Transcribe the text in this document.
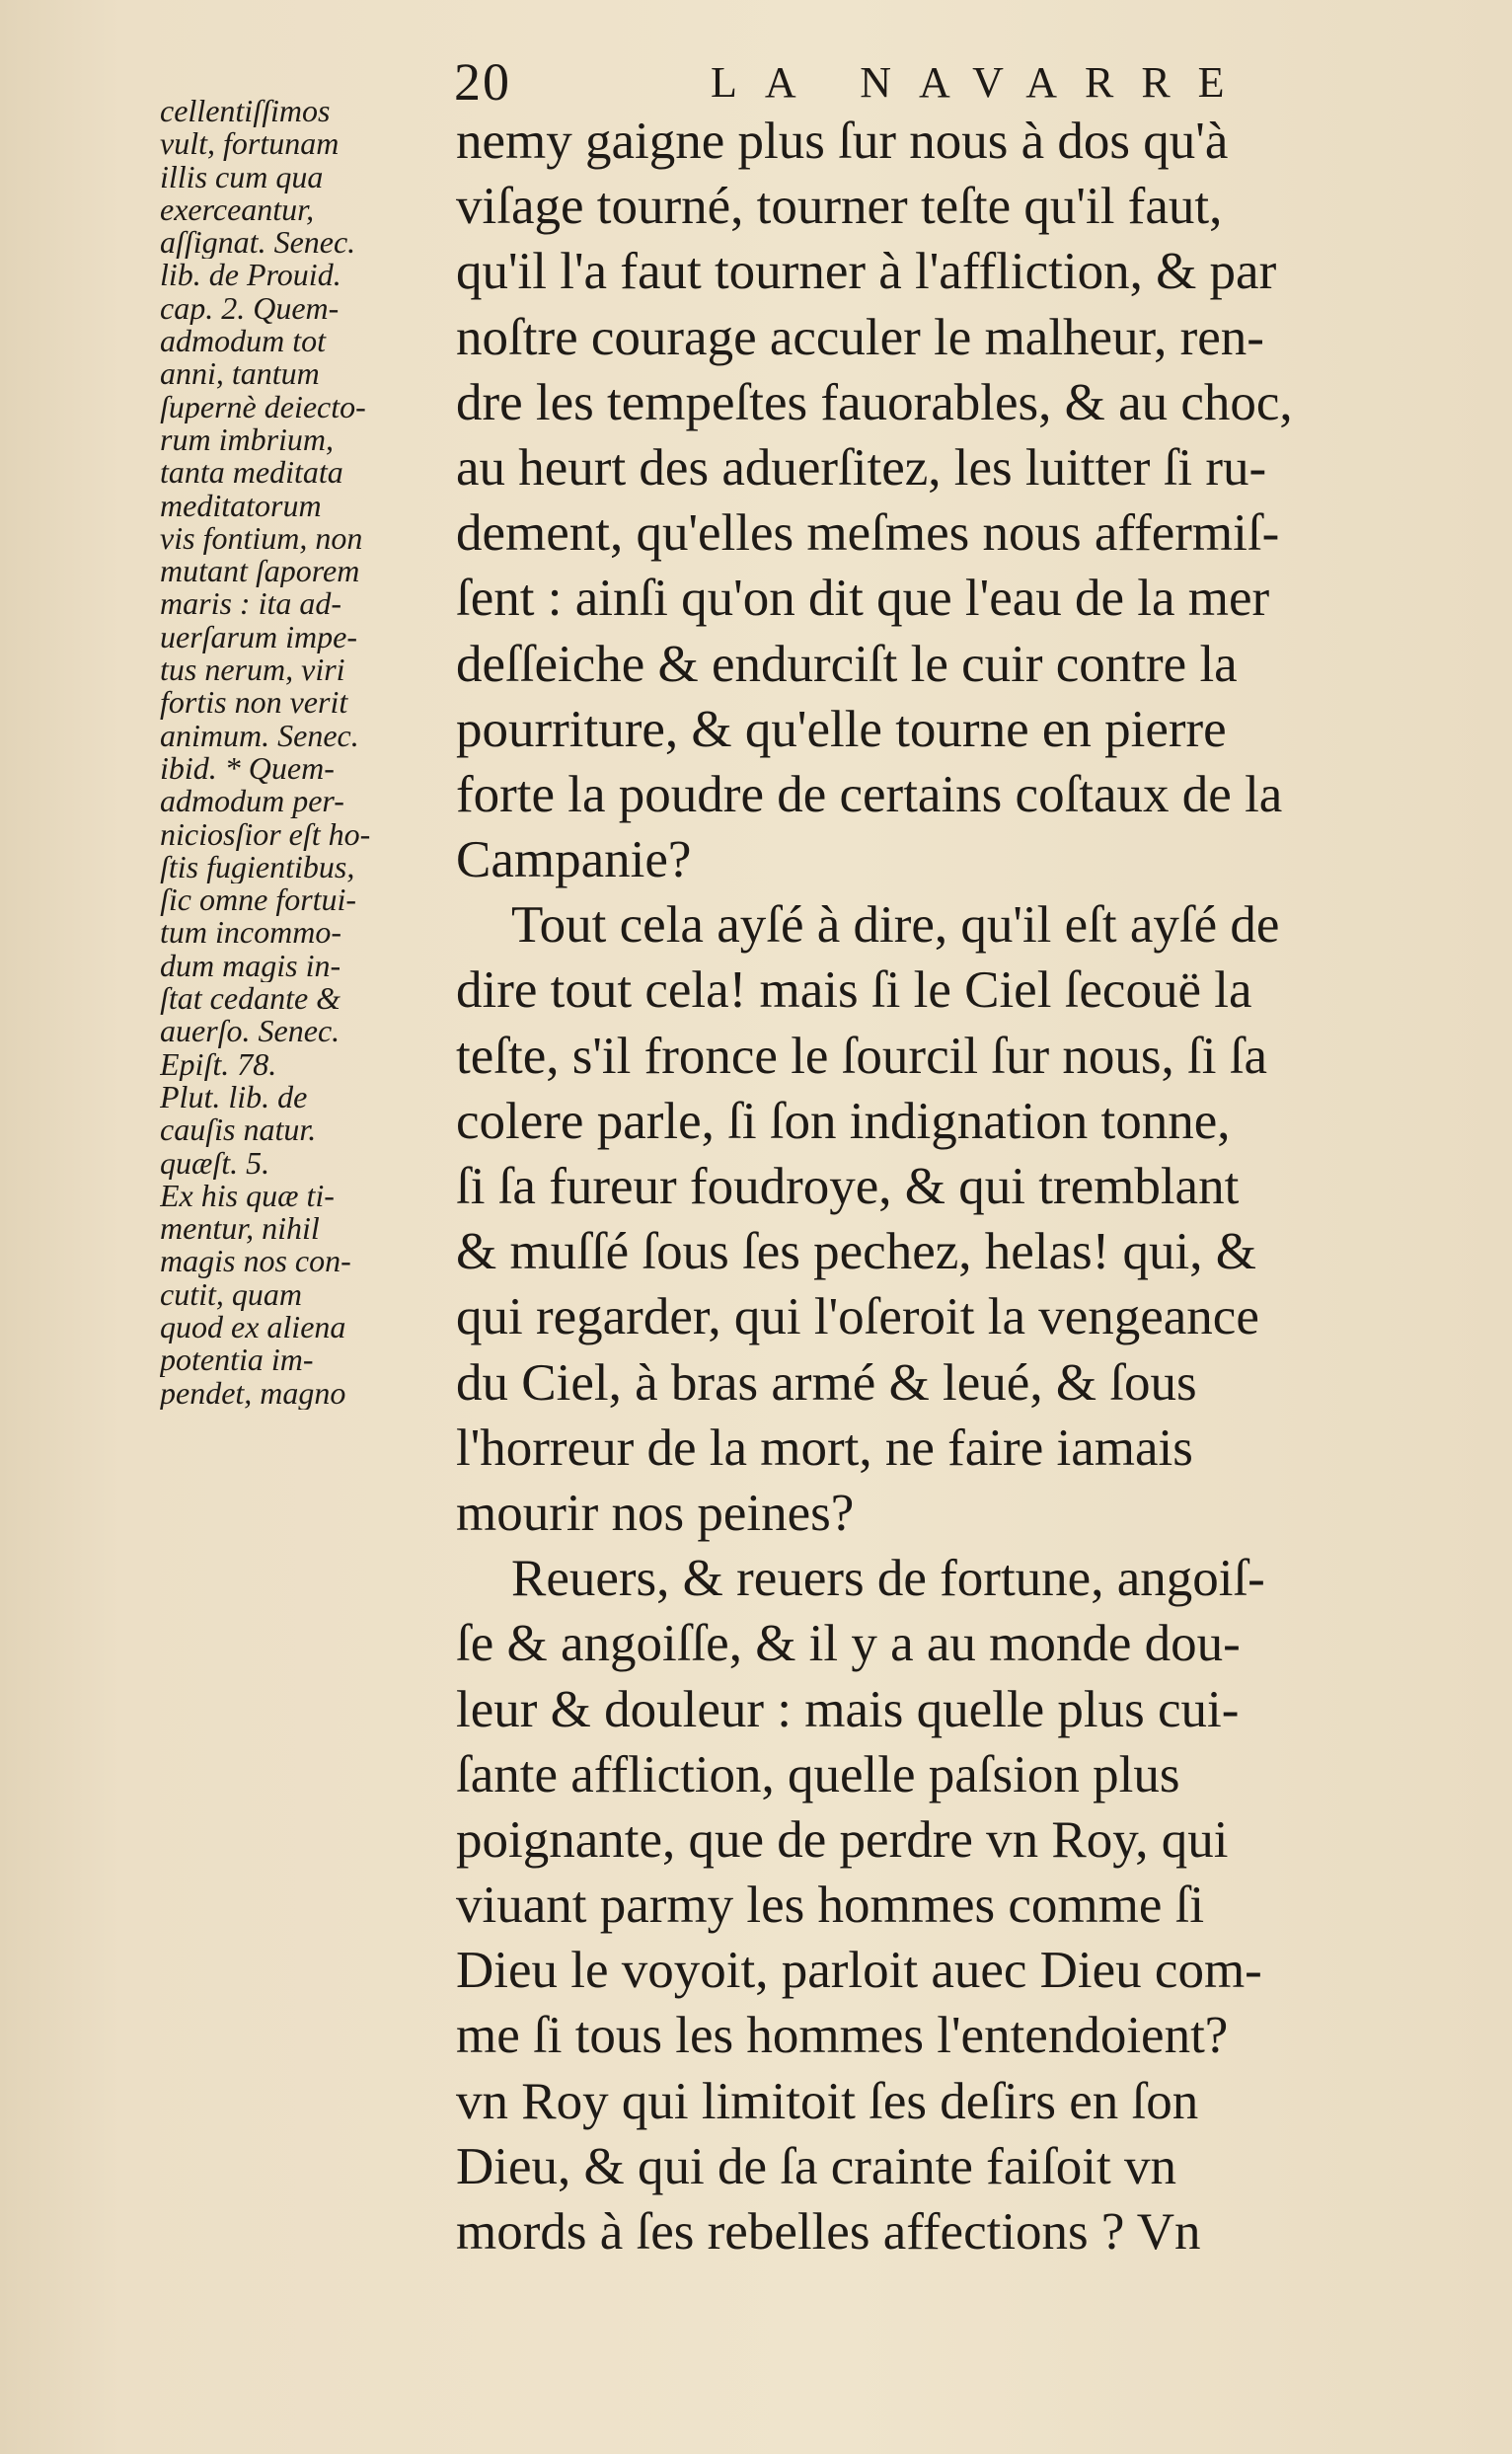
20	LA NAVARRE
cellentiſſimos
vult, fortunam
illis cum qua
exerceantur,
aſſignat. Senec.
lib. de Prouid.
cap. 2. Quem-
admodum tot
anni, tantum
ſupernè deiecto-
rum imbrium,
tanta meditata
meditatorum
vis fontium, non
mutant ſaporem
maris : ita ad-
uerſarum impe-
tus nerum, viri
fortis non verit
animum. Senec.
ibid. * Quem-
admodum per-
niciosſior eſt ho-
ſtis fugientibus,
ſic omne fortui-
tum incommo-
dum magis in-
ſtat cedante &
auerſo. Senec.
Epiſt. 78.
Plut. lib. de
cauſis natur.
quæſt. 5.
Ex his quæ ti-
mentur, nihil
magis nos con-
cutit, quam
quod ex aliena
potentia im-
pendet, magno
nemy gaigne plus ſur nous à dos qu'à
viſage tourné, tourner teſte qu'il faut,
qu'il l'a faut tourner à l'affliction, & par
noſtre courage acculer le malheur, ren-
dre les tempeſtes fauorables, & au choc,
au heurt des aduerſitez, les luitter ſi ru-
dement, qu'elles meſmes nous affermiſ-
ſent : ainſi qu'on dit que l'eau de la mer
deſſeiche & endurciſt le cuir contre la
pourriture, & qu'elle tourne en pierre
forte la poudre de certains coſtaux de la
Campanie?
Tout cela ayſé à dire, qu'il eſt ayſé de
dire tout cela! mais ſi le Ciel ſecouë la
teſte, s'il fronce le ſourcil ſur nous, ſi ſa
colere parle, ſi ſon indignation tonne,
ſi ſa fureur foudroye, & qui tremblant
& muſſé ſous ſes pechez, helas! qui, &
qui regarder, qui l'oſeroit la vengeance
du Ciel, à bras armé & leué, & ſous
l'horreur de la mort, ne faire iamais
mourir nos peines?
Reuers, & reuers de fortune, angoiſ-
ſe & angoiſſe, & il y a au monde dou-
leur & douleur : mais quelle plus cui-
ſante affliction, quelle paſsion plus
poignante, que de perdre vn Roy, qui
viuant parmy les hommes comme ſi
Dieu le voyoit, parloit auec Dieu com-
me ſi tous les hommes l'entendoient?
vn Roy qui limitoit ſes deſirs en ſon
Dieu, & qui de ſa crainte faiſoit vn
mords à ſes rebelles affections ? Vn
